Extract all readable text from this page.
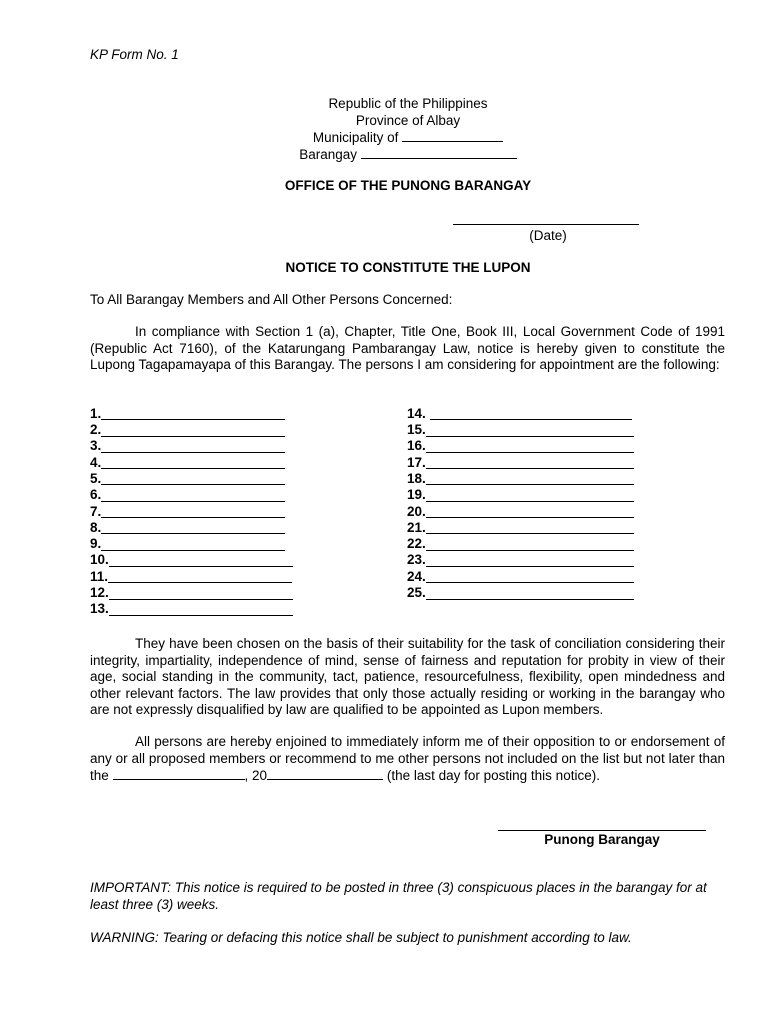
KP Form No. 1
Republic of the Philippines
Province of Albay
Municipality of
Barangay
OFFICE OF THE PUNONG BARANGAY
(Date)
NOTICE TO CONSTITUTE THE LUPON
To All Barangay Members and All Other Persons Concerned:
In compliance with Section 1 (a), Chapter, Title One, Book III, Local Government Code of 1991 (Republic Act 7160), of the Katarungang Pambarangay Law, notice is hereby given to constitute the Lupong Tagapamayapa of this Barangay. The persons I am considering for appointment are the following:
1.
2.
3.
4.
5.
6.
7.
8.
9.
10.
11.
12.
13.
14.
15.
16.
17.
18.
19.
20.
21.
22.
23.
24.
25.
They have been chosen on the basis of their suitability for the task of conciliation considering their integrity, impartiality, independence of mind, sense of fairness and reputation for probity in view of their age, social standing in the community, tact, patience, resourcefulness, flexibility, open mindedness and other relevant factors. The law provides that only those actually residing or working in the barangay who are not expressly disqualified by law are qualified to be appointed as Lupon members.
All persons are hereby enjoined to immediately inform me of their opposition to or endorsement of any or all proposed members or recommend to me other persons not included on the list but not later than the	, 20	(the last day for posting this notice).
Punong Barangay
IMPORTANT: This notice is required to be posted in three (3) conspicuous places in the barangay for at least three (3) weeks.
WARNING: Tearing or defacing this notice shall be subject to punishment according to law.
